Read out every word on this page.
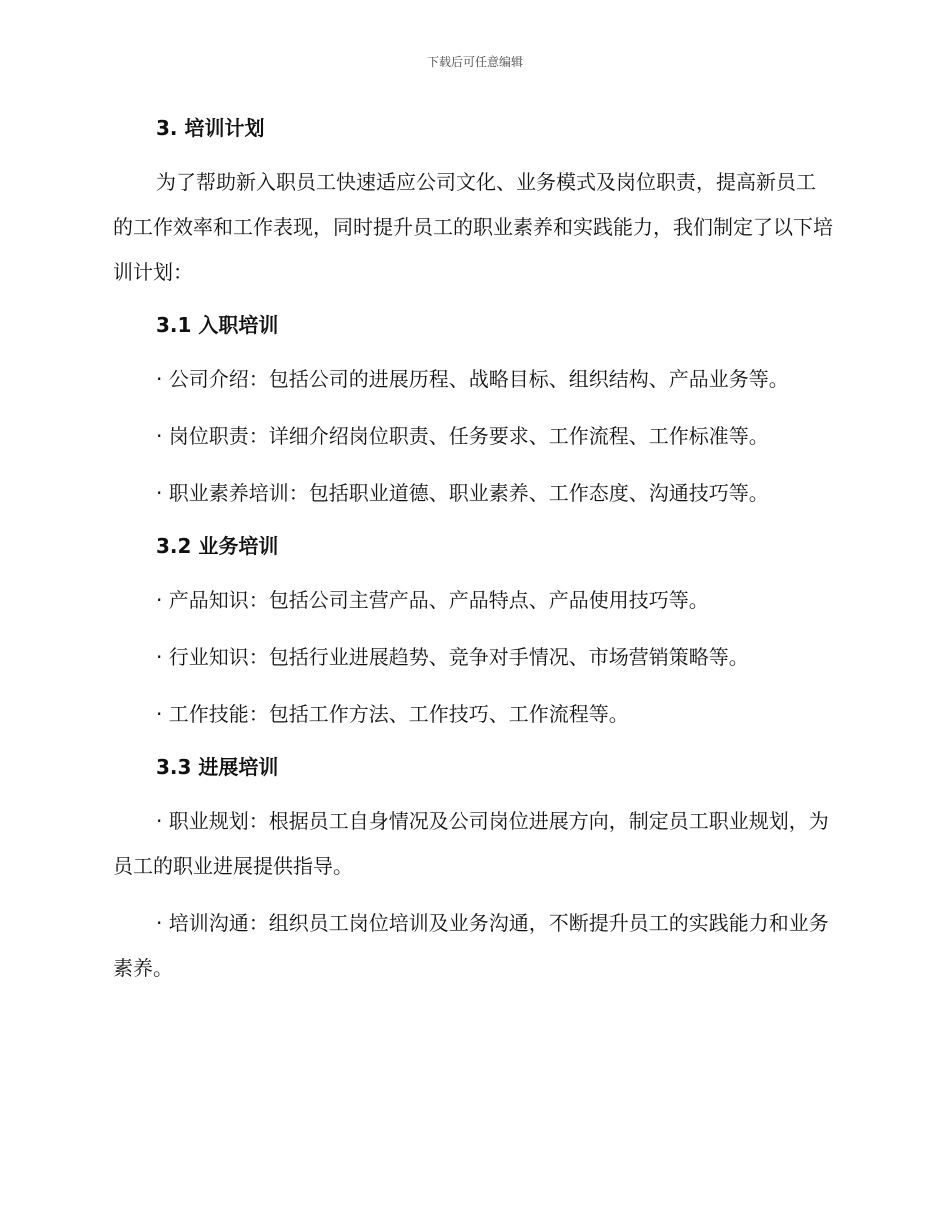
下载后可任意编辑
3. 培训计划
为了帮助新入职员工快速适应公司文化、业务模式及岗位职责，提高新员工的工作效率和工作表现，同时提升员工的职业素养和实践能力，我们制定了以下培训计划：
3.1 入职培训
· 公司介绍：包括公司的进展历程、战略目标、组织结构、产品业务等。
· 岗位职责：详细介绍岗位职责、任务要求、工作流程、工作标准等。
· 职业素养培训：包括职业道德、职业素养、工作态度、沟通技巧等。
3.2 业务培训
· 产品知识：包括公司主营产品、产品特点、产品使用技巧等。
· 行业知识：包括行业进展趋势、竞争对手情况、市场营销策略等。
· 工作技能：包括工作方法、工作技巧、工作流程等。
3.3 进展培训
· 职业规划：根据员工自身情况及公司岗位进展方向，制定员工职业规划，为员工的职业进展提供指导。
· 培训沟通：组织员工岗位培训及业务沟通，不断提升员工的实践能力和业务素养。
